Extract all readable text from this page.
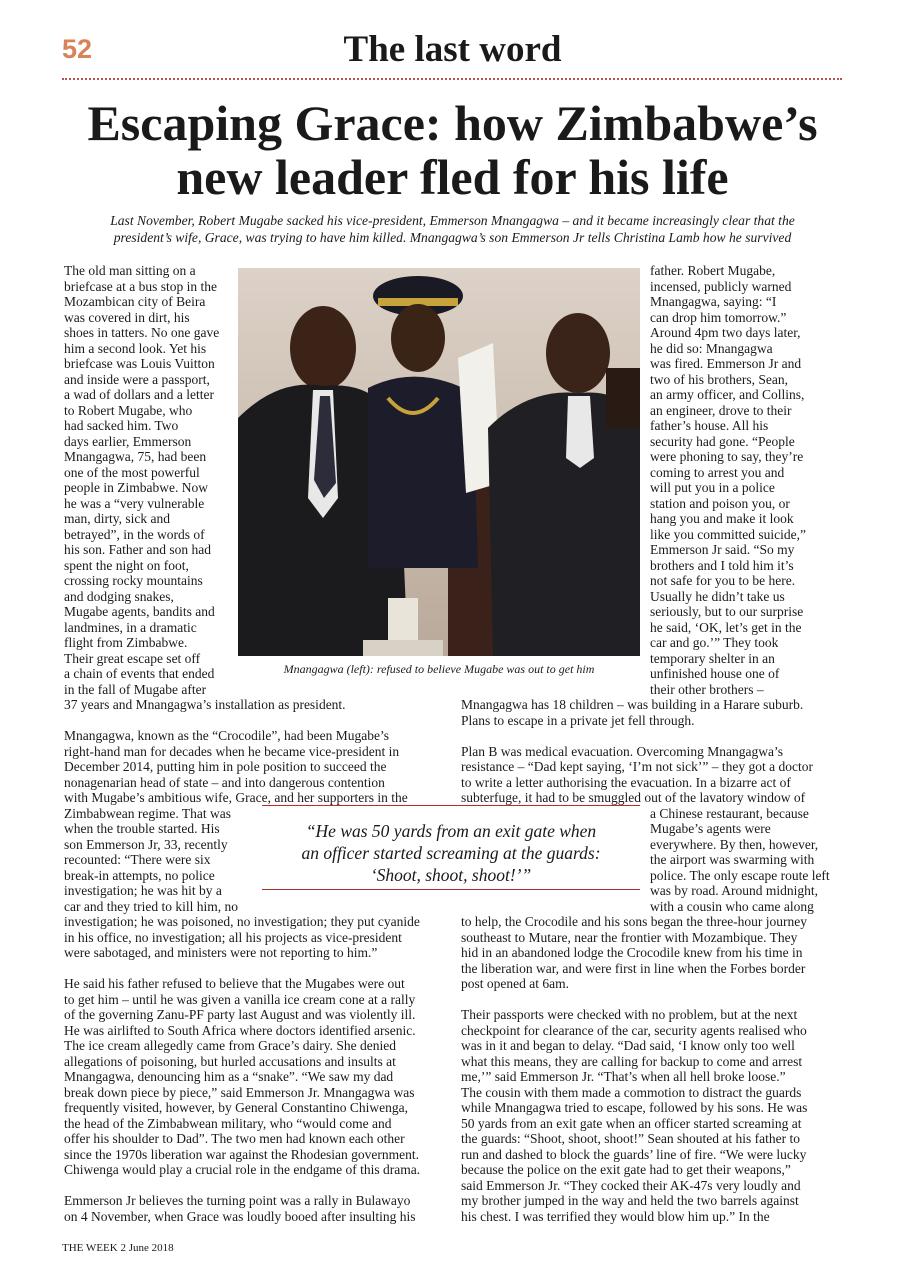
52	The last word
Escaping Grace: how Zimbabwe’s
new leader fled for his life
Last November, Robert Mugabe sacked his vice-president, Emmerson Mnangagwa – and it became increasingly clear that the
president’s wife, Grace, was trying to have him killed. Mnangagwa’s son Emmerson Jr tells Christina Lamb how he survived
The old man sitting on a
briefcase at a bus stop in the
Mozambican city of Beira
was covered in dirt, his
shoes in tatters. No one gave
him a second look. Yet his
briefcase was Louis Vuitton
and inside were a passport,
a wad of dollars and a letter
to Robert Mugabe, who
had sacked him. Two
days earlier, Emmerson
Mnangagwa, 75, had been
one of the most powerful
people in Zimbabwe. Now
he was a “very vulnerable
man, dirty, sick and
betrayed”, in the words of
his son. Father and son had
spent the night on foot,
crossing rocky mountains
and dodging snakes,
Mugabe agents, bandits and
landmines, in a dramatic
flight from Zimbabwe.
Their great escape set off
a chain of events that ended
in the fall of Mugabe after
37 years and Mnangagwa’s installation as president.
Mnangagwa, known as the “Crocodile”, had been Mugabe’s
right-hand man for decades when he became vice-president in
December 2014, putting him in pole position to succeed the
nonagenarian head of state – and into dangerous contention
with Mugabe’s ambitious wife, Grace, and her supporters in the
Zimbabwean regime. That was
when the trouble started. His
son Emmerson Jr, 33, recently
recounted: “There were six
break-in attempts, no police
investigation; he was hit by a
car and they tried to kill him, no
investigation; he was poisoned, no investigation; they put cyanide
in his office, no investigation; all his projects as vice-president
were sabotaged, and ministers were not reporting to him.”
He said his father refused to believe that the Mugabes were out
to get him – until he was given a vanilla ice cream cone at a rally
of the governing Zanu-PF party last August and was violently ill.
He was airlifted to South Africa where doctors identified arsenic.
The ice cream allegedly came from Grace’s dairy. She denied
allegations of poisoning, but hurled accusations and insults at
Mnangagwa, denouncing him as a “snake”. “We saw my dad
break down piece by piece,” said Emmerson Jr. Mnangagwa was
frequently visited, however, by General Constantino Chiwenga,
the head of the Zimbabwean military, who “would come and
offer his shoulder to Dad”. The two men had known each other
since the 1970s liberation war against the Rhodesian government.
Chiwenga would play a crucial role in the endgame of this drama.
Emmerson Jr believes the turning point was a rally in Bulawayo
on 4 November, when Grace was loudly booed after insulting his
father. Robert Mugabe,
incensed, publicly warned
Mnangagwa, saying: “I
can drop him tomorrow.”
Around 4pm two days later,
he did so: Mnangagwa
was fired. Emmerson Jr and
two of his brothers, Sean,
an army officer, and Collins,
an engineer, drove to their
father’s house. All his
security had gone. “People
were phoning to say, they’re
coming to arrest you and
will put you in a police
station and poison you, or
hang you and make it look
like you committed suicide,”
Emmerson Jr said. “So my
brothers and I told him it’s
not safe for you to be here.
Usually he didn’t take us
seriously, but to our surprise
he said, ‘OK, let’s get in the
car and go.’” They took
temporary shelter in an
unfinished house one of
their other brothers –
Mnangagwa has 18 children – was building in a Harare suburb.
Plans to escape in a private jet fell through.
Plan B was medical evacuation. Overcoming Mnangagwa’s
resistance – “Dad kept saying, ‘I’m not sick’” – they got a doctor
to write a letter authorising the evacuation. In a bizarre act of
subterfuge, it had to be smuggled out of the lavatory window of
to help, the Crocodile and his sons began the three-hour journey
southeast to Mutare, near the frontier with Mozambique. They
hid in an abandoned lodge the Crocodile knew from his time in
the liberation war, and were first in line when the Forbes border
post opened at 6am.
Their passports were checked with no problem, but at the next
checkpoint for clearance of the car, security agents realised who
was in it and began to delay. “Dad said, ‘I know only too well
what this means, they are calling for backup to come and arrest
me,’” said Emmerson Jr. “That’s when all hell broke loose.”
The cousin with them made a commotion to distract the guards
while Mnangagwa tried to escape, followed by his sons. He was
50 yards from an exit gate when an officer started screaming at
the guards: “Shoot, shoot, shoot!” Sean shouted at his father to
run and dashed to block the guards’ line of fire. “We were lucky
because the police on the exit gate had to get their weapons,”
said Emmerson Jr. “They cocked their AK-47s very loudly and
my brother jumped in the way and held the two barrels against
his chest. I was terrified they would blow him up.” In the
a Chinese restaurant, because
Mugabe’s agents were
everywhere. By then, however,
the airport was swarming with
police. The only escape route left
was by road. Around midnight,
with a cousin who came along
Mnangagwa (left): refused to believe Mugabe was out to get him
“He was 50 yards from an exit gate when
an officer started screaming at the guards:
‘Shoot, shoot, shoot!’”
THE WEEK 2 June 2018
